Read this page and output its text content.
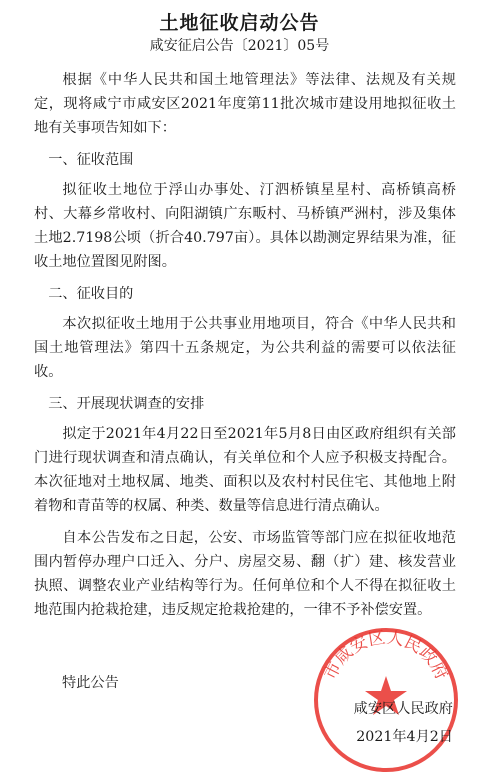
土地征收启动公告
咸安征启公告〔2021〕05号

根据《中华人民共和国土地管理法》等法律、法规及有关规定，现将咸宁市咸安区2021年度第11批次城市建设用地拟征收土地有关事项告知如下：

一、征收范围

拟征收土地位于浮山办事处、汀泗桥镇星星村、高桥镇高桥村、大幕乡常收村、向阳湖镇广东畈村、马桥镇严洲村，涉及集体土地2.7198公顷（折合40.797亩）。具体以勘测定界结果为准，征收土地位置图见附图。

二、征收目的

本次拟征收土地用于公共事业用地项目，符合《中华人民共和国土地管理法》第四十五条规定，为公共利益的需要可以依法征收。

三、开展现状调查的安排

拟定于2021年4月22日至2021年5月8日由区政府组织有关部门进行现状调查和清点确认，有关单位和个人应予积极支持配合。本次征地对土地权属、地类、面积以及农村村民住宅、其他地上附着物和青苗等的权属、种类、数量等信息进行清点确认。

自本公告发布之日起，公安、市场监管等部门应在拟征收地范围内暂停办理户口迁入、分户、房屋交易、翻（扩）建、核发营业执照、调整农业产业结构等行为。任何单位和个人不得在拟征收土地范围内抢栽抢建，违反规定抢栽抢建的，一律不予补偿安置。

特此公告	市咸安区人民政府
咸安区人民政府
2021年4月2日
